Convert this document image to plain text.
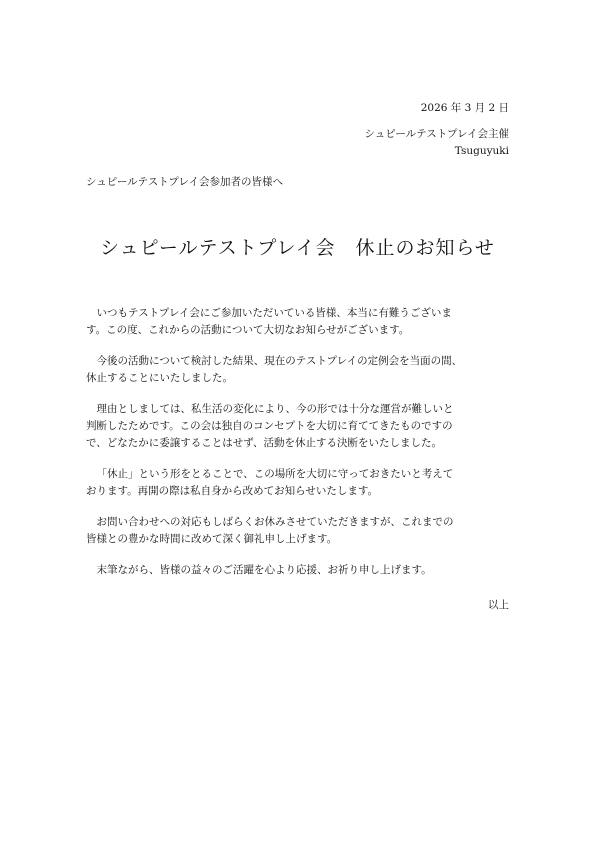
2026 年 3 月 2 日
シュピールテストプレイ会主催
Tsuguyuki
シュピールテストプレイ会参加者の皆様へ
シュピールテストプレイ会　休止のお知らせ
いつもテストプレイ会にご参加いただいている皆様、本当に有難うございま
す。この度、これからの活動について大切なお知らせがございます。
今後の活動について検討した結果、現在のテストプレイの定例会を当面の間、
休止することにいたしました。
理由としましては、私生活の変化により、今の形では十分な運営が難しいと
判断したためです。この会は独自のコンセプトを大切に育ててきたものですの
で、どなたかに委譲することはせず、活動を休止する決断をいたしました。
「休止」という形をとることで、この場所を大切に守っておきたいと考えて
おります。再開の際は私自身から改めてお知らせいたします。
お問い合わせへの対応もしばらくお休みさせていただきますが、これまでの
皆様との豊かな時間に改めて深く御礼申し上げます。
末筆ながら、皆様の益々のご活躍を心より応援、お祈り申し上げます。
以上
